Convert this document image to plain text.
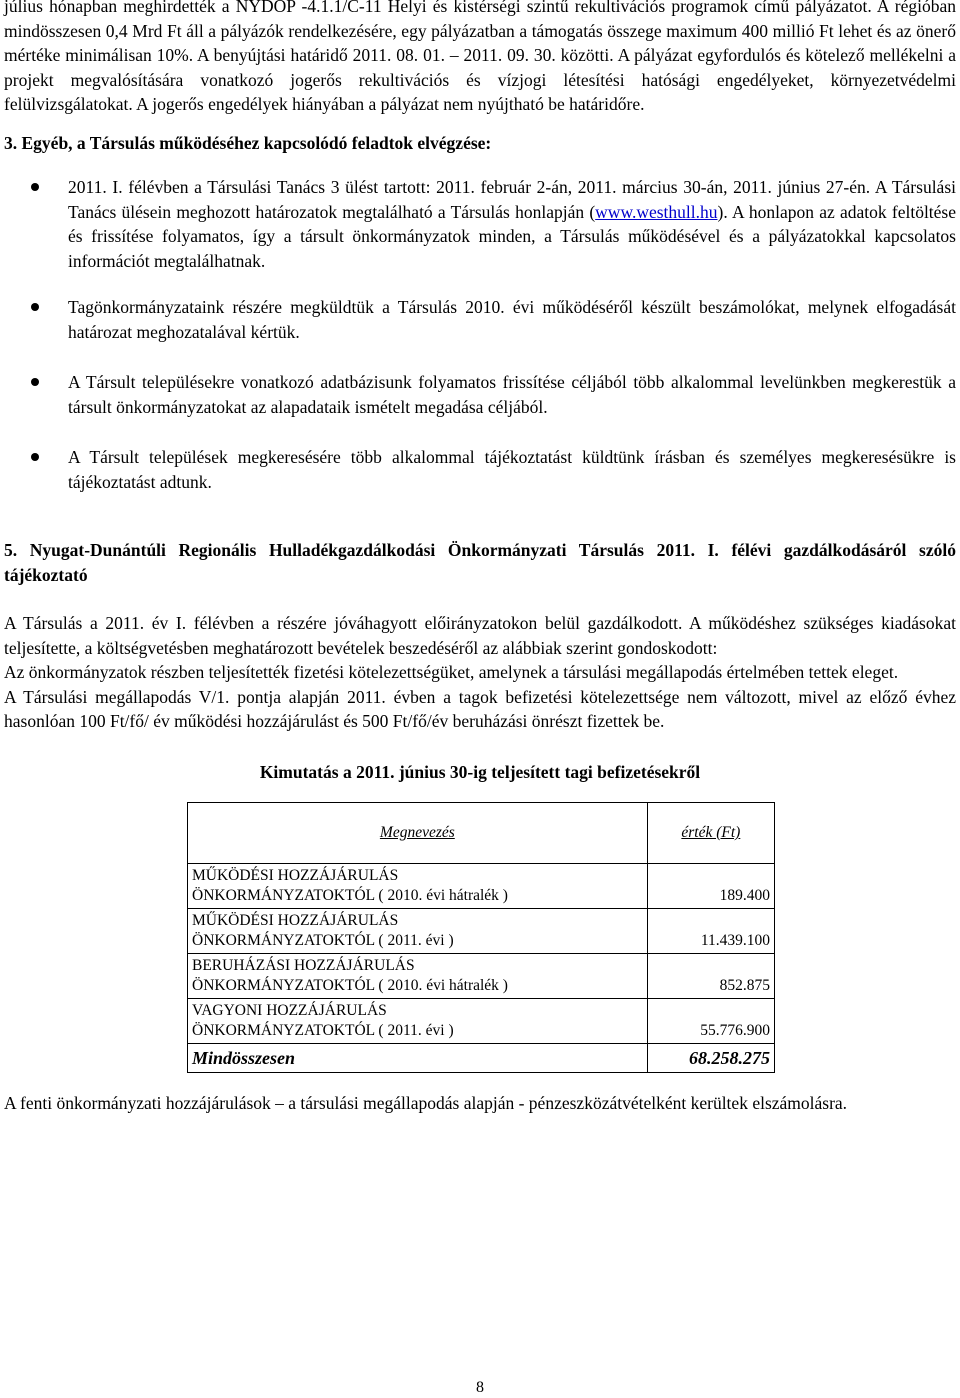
július hónapban meghirdették a NYDOP -4.1.1/C-11 Helyi és kistérségi szintű rekultivációs programok című pályázatot. A régióban mindösszesen 0,4 Mrd Ft áll a pályázók rendelkezésére, egy pályázatban a támogatás összege maximum 400 millió Ft lehet és az önerő mértéke minimálisan 10%. A benyújtási határidő 2011. 08. 01. – 2011. 09. 30. közötti. A pályázat egyfordulós és kötelező mellékelni a projekt megvalósítására vonatkozó jogerős rekultivációs és vízjogi létesítési hatósági engedélyeket, környezetvédelmi felülvizsgálatokat. A jogerős engedélyek hiányában a pályázat nem nyújtható be határidőre.

3. Egyéb, a Társulás működéséhez kapcsolódó feladtok elvégzése:

2011. I. félévben a Társulási Tanács 3 ülést tartott: 2011. február 2-án, 2011. március 30-án, 2011. június 27-én. A Társulási Tanács ülésein meghozott határozatok megtalálható a Társulás honlapján (www.westhull.hu). A honlapon az adatok feltöltése és frissítése folyamatos, így a társult önkormányzatok minden, a Társulás működésével és a pályázatokkal kapcsolatos információt megtalálhatnak.
Tagönkormányzataink részére megküldtük a Társulás 2010. évi működéséről készült beszámolókat, melynek elfogadását határozat meghozatalával kértük.
A Társult településekre vonatkozó adatbázisunk folyamatos frissítése céljából több alkalommal levelünkben megkerestük a társult önkormányzatokat az alapadataik ismételt megadása céljából.
A Társult települések megkeresésére több alkalommal tájékoztatást küldtünk írásban és személyes megkeresésükre is tájékoztatást adtunk.

5. Nyugat-Dunántúli Regionális Hulladékgazdálkodási Önkormányzati Társulás 2011. I. félévi gazdálkodásáról szóló tájékoztató

A Társulás a 2011. év I. félévben a részére jóváhagyott előirányzatokon belül gazdálkodott. A működéshez szükséges kiadásokat teljesítette, a költségvetésben meghatározott bevételek beszedéséről az alábbiak szerint gondoskodott:

Az önkormányzatok részben teljesítették fizetési kötelezettségüket, amelynek a társulási megállapodás értelmében tettek eleget.

A Társulási megállapodás V/1. pontja alapján 2011. évben a tagok befizetési kötelezettsége nem változott, mivel az előző évhez hasonlóan 100 Ft/fő/ év működési hozzájárulást és 500 Ft/fő/év beruházási önrészt fizettek be.

Kimutatás a 2011. június 30-ig teljesített tagi befizetésekről

Megnevezés	érték (Ft)
MŰKÖDÉSI HOZZÁJÁRULÁS
ÖNKORMÁNYZATOKTÓL ( 2010. évi hátralék )	189.400
MŰKÖDÉSI HOZZÁJÁRULÁS
ÖNKORMÁNYZATOKTÓL ( 2011. évi )	11.439.100
BERUHÁZÁSI HOZZÁJÁRULÁS
ÖNKORMÁNYZATOKTÓL ( 2010. évi hátralék )	852.875
VAGYONI HOZZÁJÁRULÁS
ÖNKORMÁNYZATOKTÓL ( 2011. évi )	55.776.900
Mindösszesen	68.258.275

A fenti önkormányzati hozzájárulások – a társulási megállapodás alapján - pénzeszközátvételként kerültek elszámolásra.

8
